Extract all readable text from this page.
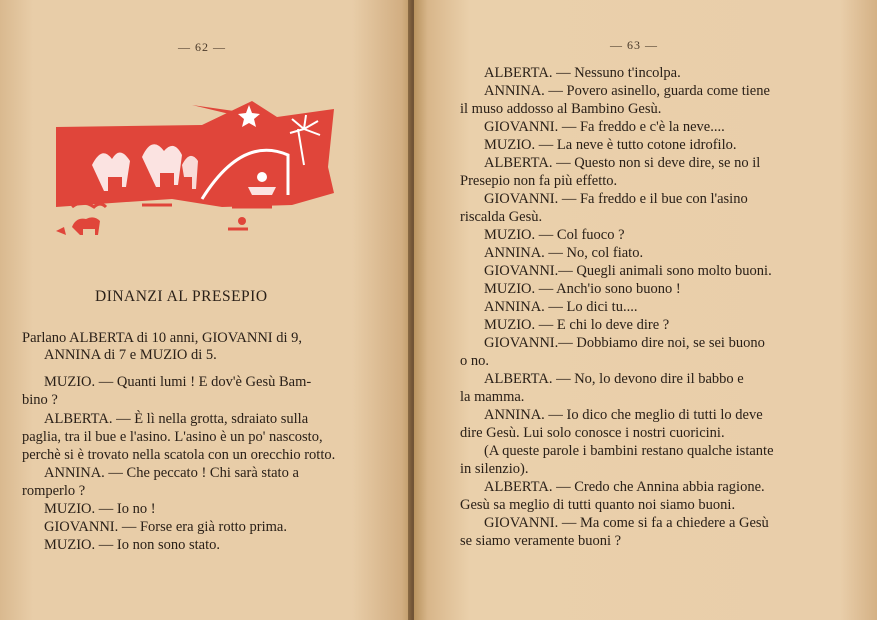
— 62 —
DINANZI AL PRESEPIO
Parlano ALBERTA di 10 anni, GIOVANNI di 9,
ANNINA di 7 e MUZIO di 5.
MUZIO. — Quanti lumi ! E dov'è Gesù Bam-
bino ?
ALBERTA. — È lì nella grotta, sdraiato sulla
paglia, tra il bue e l'asino. L'asino è un po' nascosto,
perchè si è trovato nella scatola con un orecchio rotto.
ANNINA. — Che peccato ! Chi sarà stato a
romperlo ?
MUZIO. — Io no !
GIOVANNI. — Forse era già rotto prima.
MUZIO. — Io non sono stato.
— 63 —
ALBERTA. — Nessuno t'incolpa.
ANNINA. — Povero asinello, guarda come tiene
il muso addosso al Bambino Gesù.
GIOVANNI. — Fa freddo e c'è la neve....
MUZIO. — La neve è tutto cotone idrofilo.
ALBERTA. — Questo non si deve dire, se no il
Presepio non fa più effetto.
GIOVANNI. — Fa freddo e il bue con l'asino
riscalda Gesù.
MUZIO. — Col fuoco ?
ANNINA. — No, col fiato.
GIOVANNI.— Quegli animali sono molto buoni.
MUZIO. — Anch'io sono buono !
ANNINA. — Lo dici tu....
MUZIO. — E chi lo deve dire ?
GIOVANNI.— Dobbiamo dire noi, se sei buono
o no.
ALBERTA. — No, lo devono dire il babbo e
la mamma.
ANNINA. — Io dico che meglio di tutti lo deve
dire Gesù. Lui solo conosce i nostri cuoricini.
(A queste parole i bambini restano qualche istante
in silenzio).
ALBERTA. — Credo che Annina abbia ragione.
Gesù sa meglio di tutti quanto noi siamo buoni.
GIOVANNI. — Ma come si fa a chiedere a Gesù
se siamo veramente buoni ?
